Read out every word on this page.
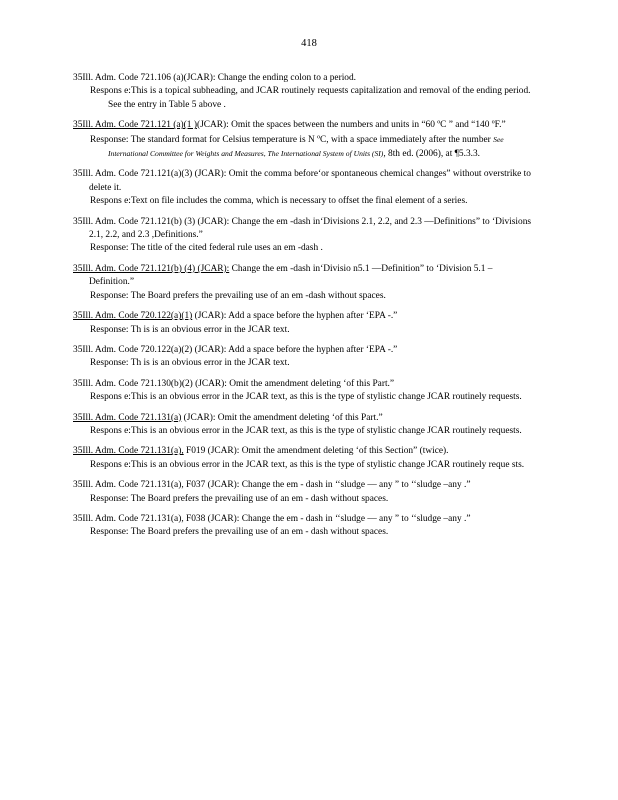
418
35Ill. Adm. Code 721.106 (a)(JCAR): Change the ending colon to a period.
Respons e:This is a topical subheading, and JCAR routinely requests capitalization and removal of the ending period. See the entry in Table 5 above .
35Ill. Adm. Code 721.121 (a)(1 )(JCAR): Omit the spaces between the numbers and units in “60 ºC ” and “140 ºF.”
Response: The standard format for Celsius temperature is N ºC, with a space immediately after the number See International Committee for Weights and Measures, The International System of Units (SI), 8th ed. (2006), at ¶5.3.3.
35Ill. Adm. Code 721.121(a)(3) (JCAR): Omit the comma before‘or spontaneous chemical changes” without overstrike to delete it.
Respons e:Text on file includes the comma, which is necessary to offset the final element of a series.
35Ill. Adm. Code 721.121(b) (3) (JCAR): Change the em -dash in‘Divisions 2.1, 2.2, and 2.3 —Definitions” to ‘Divisions 2.1, 2.2, and 2.3 ,Definitions.”
Response: The title of the cited federal rule uses an em -dash .
35Ill. Adm. Code 721.121(b) (4) (JCAR): Change the em -dash in‘Divisio n5.1 —Definition” to ‘Division 5.1 –Definition.”
Response: The Board prefers the prevailing use of an em -dash without spaces.
35Ill. Adm. Code 720.122(a)(1) (JCAR): Add a space before the hyphen after ‘EPA -.”
Response: Th is is an obvious error in the JCAR text.
35Ill. Adm. Code 720.122(a)(2) (JCAR): Add a space before the hyphen after ‘EPA -.”
Response: Th is is an obvious error in the JCAR text.
35Ill. Adm. Code 721.130(b)(2) (JCAR): Omit the amendment deleting ‘of this Part.”
Respons e:This is an obvious error in the JCAR text, as this is the type of stylistic change JCAR routinely requests.
35Ill. Adm. Code 721.131(a) (JCAR): Omit the amendment deleting ‘of this Part.”
Respons e:This is an obvious error in the JCAR text, as this is the type of stylistic change JCAR routinely requests.
35Ill. Adm. Code 721.131(a), F019 (JCAR): Omit the amendment deleting ‘of this Section” (twice).
Respons e:This is an obvious error in the JCAR text, as this is the type of stylistic change JCAR routinely reque sts.
35Ill. Adm. Code 721.131(a), F037 (JCAR): Change the em - dash in ‘‘sludge — any ” to ‘‘sludge –any .”
Response: The Board prefers the prevailing use of an em - dash without spaces.
35Ill. Adm. Code 721.131(a), F038 (JCAR): Change the em - dash in ‘‘sludge — any ” to ‘‘sludge –any .”
Response: The Board prefers the prevailing use of an em - dash without spaces.
